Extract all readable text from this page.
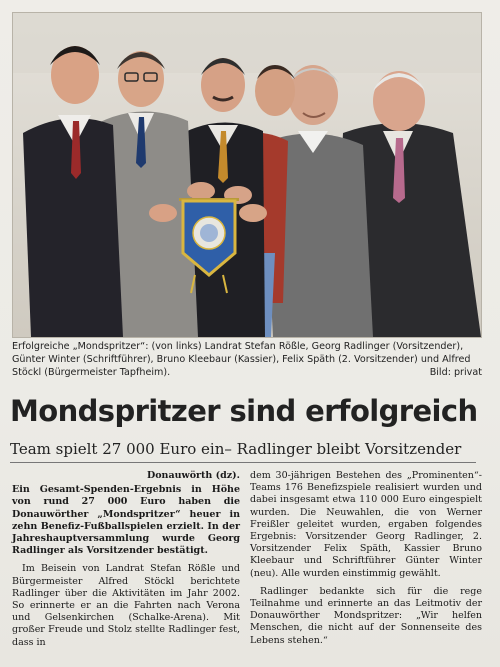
Erfolgreiche „Mondspritzer“: (von links) Landrat Stefan Rößle, Georg Radlinger (Vorsitzender), Günter Winter (Schriftführer), Bruno Kleebaur (Kassier), Felix Späth (2. Vorsitzender) und Alfred Stöckl (Bürgermeister Tapfheim).	Bild: privat
Mondspritzer sind erfolgreich
Team spielt 27 000 Euro ein– Radlinger bleibt Vorsitzender

Donauwörth (dz).

Ein Gesamt-Spenden-Ergebnis in Höhe von rund 27 000 Euro haben die Donauwörther „Mondspritzer“ heuer in zehn Benefiz-Fußballspielen erzielt. In der Jahreshauptversammlung wurde Georg Radlinger als Vorsitzender bestätigt.

Im Beisein von Landrat Stefan Rößle und Bürgermeister Alfred Stöckl berichtete Radlinger über die Aktivitäten im Jahr 2002. So erinnerte er an die Fahrten nach Verona und Gelsenkirchen (Schalke-Arena). Mit großer Freude und Stolz stellte Radlinger fest, dass in

dem 30-jährigen Bestehen des „Prominenten“-Teams 176 Benefizspiele realisiert wurden und dabei insgesamt etwa 110 000 Euro eingespielt wurden. Die Neuwahlen, die von Werner Freißler geleitet wurden, ergaben folgendes Ergebnis: Vorsitzender Georg Radlinger, 2. Vorsitzender Felix Späth, Kassier Bruno Kleebaur und Schriftführer Günter Winter (neu). Alle wurden einstimmig gewählt.

Radlinger bedankte sich für die rege Teilnahme und erinnerte an das Leitmotiv der Donauwörther Mondspritzer: „Wir helfen Menschen, die nicht auf der Sonnenseite des Lebens stehen.“
